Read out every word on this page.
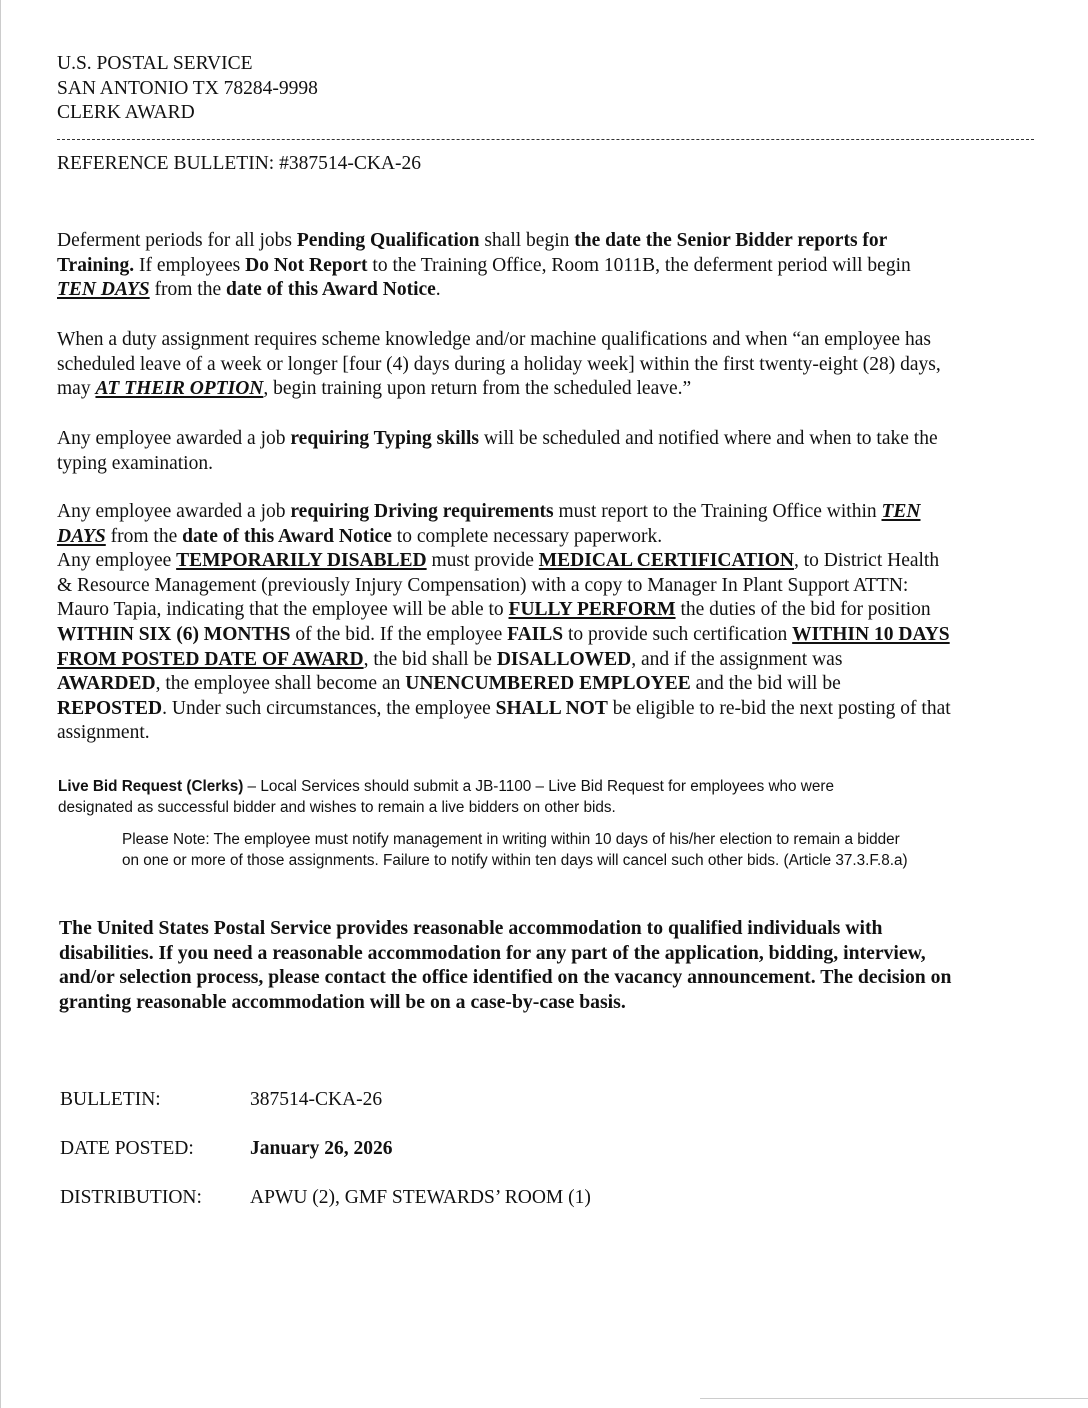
U.S. POSTAL SERVICE
SAN ANTONIO TX 78284-9998
CLERK AWARD
REFERENCE BULLETIN: #387514-CKA-26
Deferment periods for all jobs Pending Qualification shall begin the date the Senior Bidder reports for
Training. If employees Do Not Report to the Training Office, Room 1011B, the deferment period will begin
TEN DAYS from the date of this Award Notice.
When a duty assignment requires scheme knowledge and/or machine qualifications and when “an employee has
scheduled leave of a week or longer [four (4) days during a holiday week] within the first twenty-eight (28) days,
may AT THEIR OPTION, begin training upon return from the scheduled leave.”
Any employee awarded a job requiring Typing skills will be scheduled and notified where and when to take the
typing examination.
Any employee awarded a job requiring Driving requirements must report to the Training Office within TEN
DAYS from the date of this Award Notice to complete necessary paperwork.
Any employee TEMPORARILY DISABLED must provide MEDICAL CERTIFICATION, to District Health
& Resource Management (previously Injury Compensation) with a copy to Manager In Plant Support ATTN:
Mauro Tapia, indicating that the employee will be able to FULLY PERFORM the duties of the bid for position
WITHIN SIX (6) MONTHS of the bid. If the employee FAILS to provide such certification WITHIN 10 DAYS
FROM POSTED DATE OF AWARD, the bid shall be DISALLOWED, and if the assignment was
AWARDED, the employee shall become an UNENCUMBERED EMPLOYEE and the bid will be
REPOSTED. Under such circumstances, the employee SHALL NOT be eligible to re-bid the next posting of that
assignment.
Live Bid Request (Clerks) – Local Services should submit a JB-1100 – Live Bid Request for employees who were
designated as successful bidder and wishes to remain a live bidders on other bids.
Please Note: The employee must notify management in writing within 10 days of his/her election to remain a bidder
on one or more of those assignments. Failure to notify within ten days will cancel such other bids. (Article 37.3.F.8.a)
The United States Postal Service provides reasonable accommodation to qualified individuals with
disabilities. If you need a reasonable accommodation for any part of the application, bidding, interview,
and/or selection process, please contact the office identified on the vacancy announcement. The decision on
granting reasonable accommodation will be on a case-by-case basis.
BULLETIN:	387514-CKA-26
DATE POSTED:	January 26, 2026
DISTRIBUTION: APWU (2), GMF STEWARDS’ ROOM (1)
